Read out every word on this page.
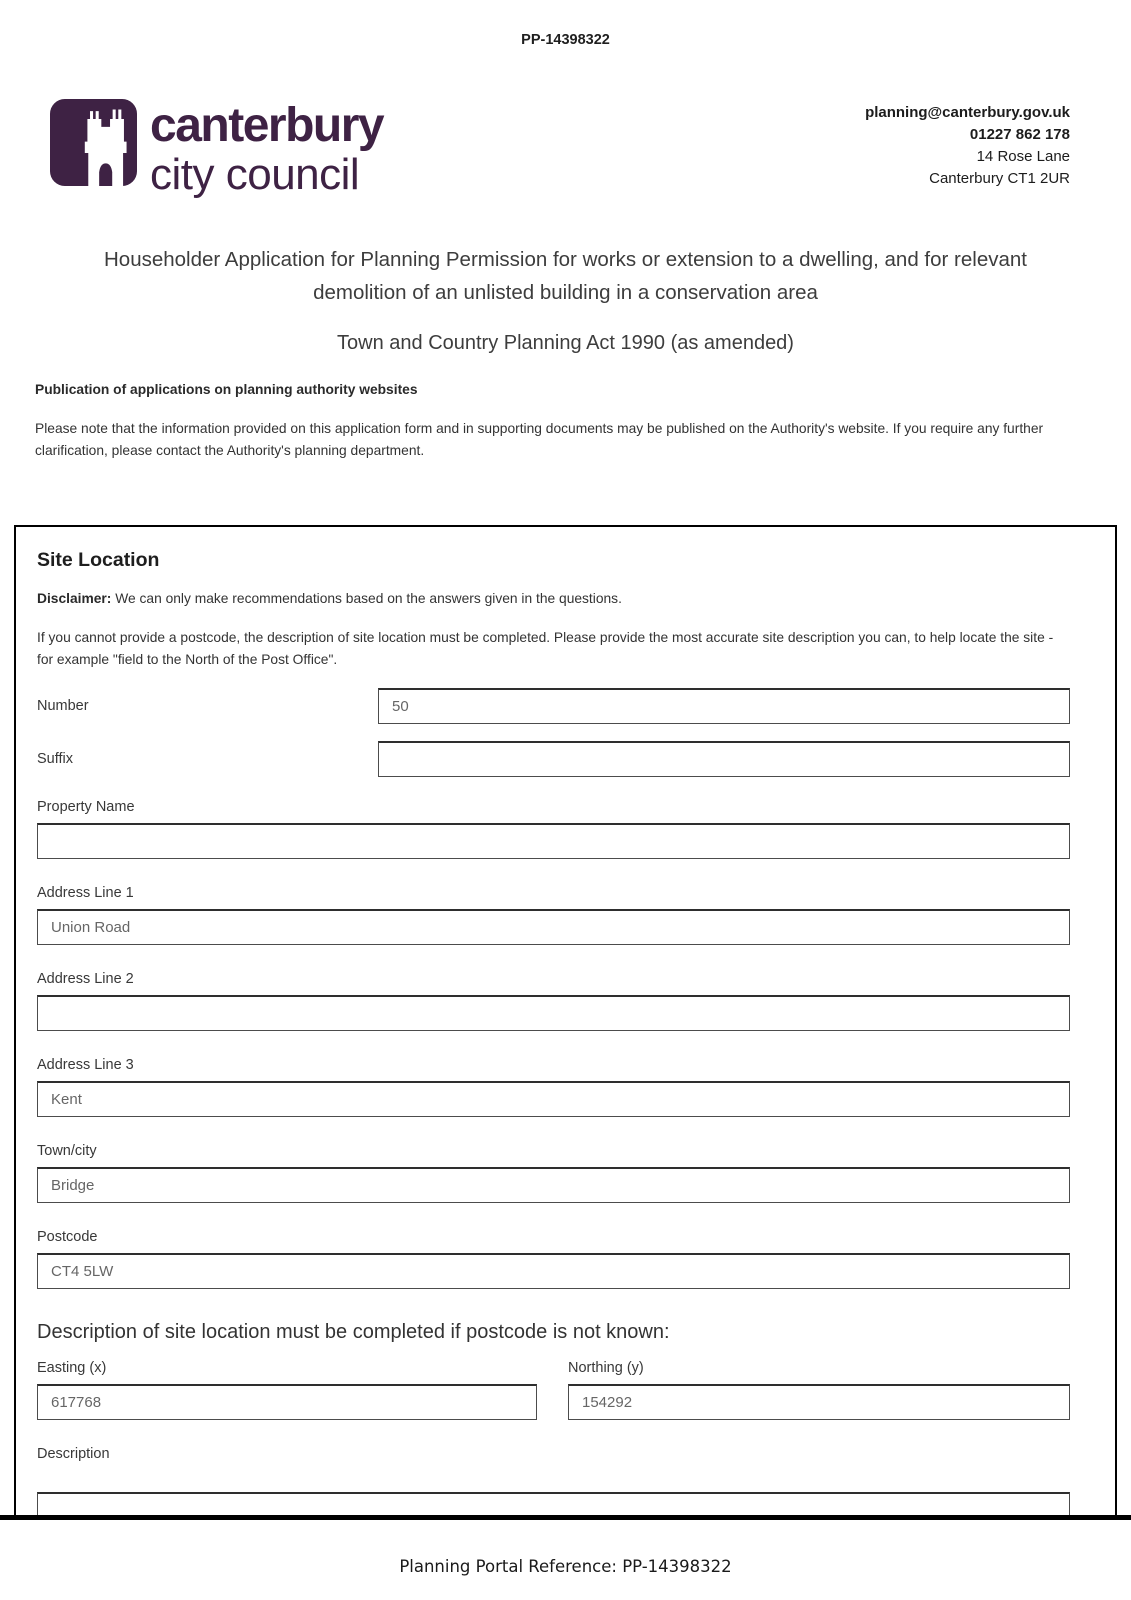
PP-14398322
canterbury
city council
planning@canterbury.gov.uk
01227 862 178
14 Rose Lane
Canterbury CT1 2UR
Householder Application for Planning Permission for works or extension to a dwelling, and for relevant demolition of an unlisted building in a conservation area
Town and Country Planning Act 1990 (as amended)
Publication of applications on planning authority websites
Please note that the information provided on this application form and in supporting documents may be published on the Authority's website. If you require any further clarification, please contact the Authority's planning department.
Site Location
Disclaimer: We can only make recommendations based on the answers given in the questions.
If you cannot provide a postcode, the description of site location must be completed. Please provide the most accurate site description you can, to help locate the site - for example "field to the North of the Post Office".
Number
50
Suffix
Property Name
Address Line 1
Union Road
Address Line 2
Address Line 3
Kent
Town/city
Bridge
Postcode
CT4 5LW
Description of site location must be completed if postcode is not known:
Easting (x)
617768	Northing (y)
154292
Description
Planning Portal Reference: PP-14398322
